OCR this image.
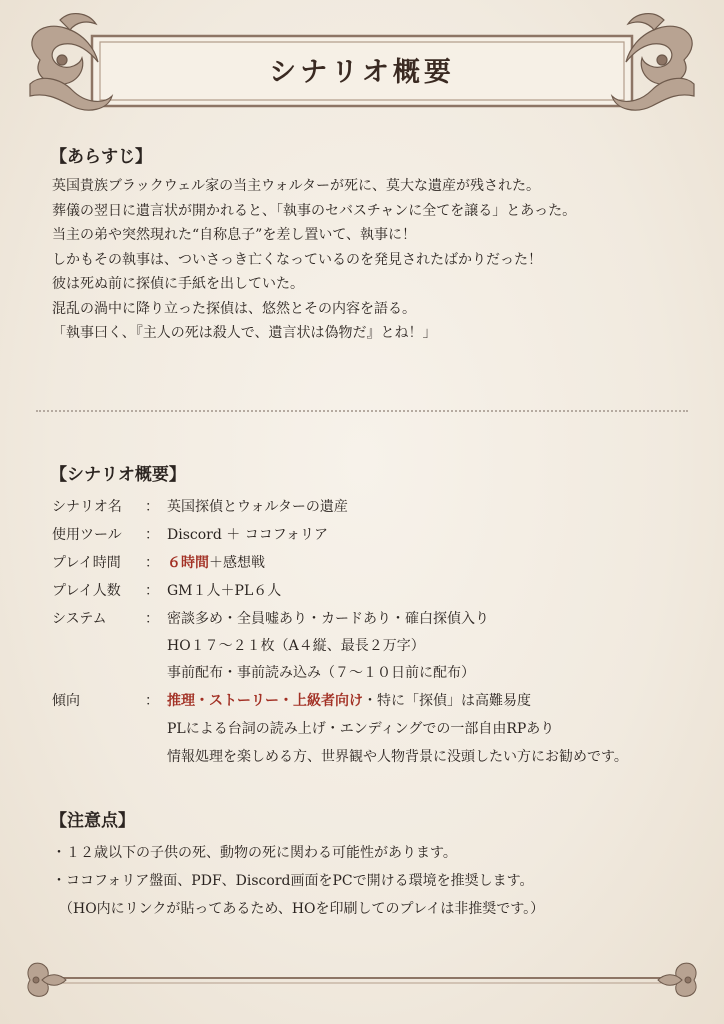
シナリオ概要
【あらすじ】
英国貴族ブラックウェル家の当主ウォルターが死に、莫大な遺産が残された。
葬儀の翌日に遺言状が開かれると、「執事のセバスチャンに全てを譲る」とあった。
当主の弟や突然現れた“自称息子”を差し置いて、執事に！
しかもその執事は、ついさっき亡くなっているのを発見されたばかりだった！
彼は死ぬ前に探偵に手紙を出していた。
混乱の渦中に降り立った探偵は、悠然とその内容を語る。
「執事曰く、『主人の死は殺人で、遺言状は偽物だ』とね！」
【シナリオ概要】
シナリオ名 ： 英国探偵とウォルターの遺産
使用ツール ： Discord ＋ ココフォリア
プレイ時間 ： ６時間＋感想戦
プレイ人数 ： GM１人＋PL６人
システム	： 密談多め・全員嘘あり・カードあり・確白探偵入り
HO１７～２１枚（A４縦、最長２万字）
事前配布・事前読み込み（７～１０日前に配布）
傾向	： 推理・ストーリー・上級者向け・特に「探偵」は高難易度
PLによる台詞の読み上げ・エンディングでの一部自由RPあり
情報処理を楽しめる方、世界観や人物背景に没頭したい方にお勧めです。
【注意点】
・１２歳以下の子供の死、動物の死に関わる可能性があります。
・ココフォリア盤面、PDF、Discord画面をPCで開ける環境を推奨します。
　（HO内にリンクが貼ってあるため、HOを印刷してのプレイは非推奨です。）
